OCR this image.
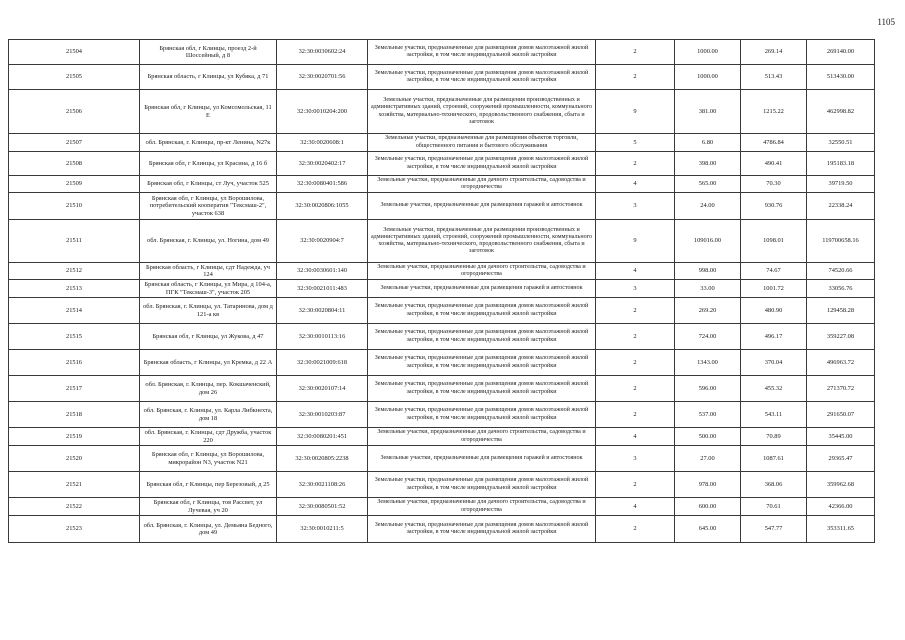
1105
21504	Брянская обл, г Клинцы, проезд 2-й Шоссейный, д 8	32:30:0030602:24	Земельные участки, предназначенные для размещения домов малоэтажной жилой застройки, в том числе индивидуальной жилой застройки	2	1000.00	269.14	269140.00
21505	Брянская область, г Клинцы, ул Кубяка, д 71	32:30:0020701:56	Земельные участки, предназначенные для размещения домов малоэтажной жилой застройки, в том числе индивидуальной жилой застройки	2	1000.00	513.43	513430.00
21506	Брянская обл, г Клинцы, ул Комсомольская, 11 Е	32:30:0010204:200	Земельные участки, предназначенные для размещения производственных и административных зданий, строений, сооружений промышленности, коммунального хозяйства, материально-технического, продовольственного снабжения, сбыта и заготовок	9	381.00	1215.22	462998.82
21507	обл. Брянская, г. Клинцы, пр-кт Ленина, N27к	32:30:0020608:1	Земельные участки, предназначенные для размещения объектов торговли, общественного питания и бытового обслуживания	5	6.80	4786.84	32550.51
21508	Брянская обл, г Клинцы, ул Красина, д 16 б	32:30:0020402:17	Земельные участки, предназначенные для размещения домов малоэтажной жилой застройки, в том числе индивидуальной жилой застройки	2	398.00	490.41	195183.18
21509	Брянская обл, г Клинцы, ст Луч, участок 525	32:30:0080401:586	Земельные участки, предназначенные для дачного строительства, садоводства и огородничества	4	565.00	70.30	39719.50
21510	Брянская обл, г Клинцы, ул Ворошилова, потребительский кооператив "Тексмаш-2", участок 638	32:30:0020806:1055	Земельные участки, предназначенные для размещения гаражей и автостоянок	3	24.00	930.76	22338.24
21511	обл. Брянская, г. Клинцы, ул. Ногина, дом 49	32:30:0020904:7	Земельные участки, предназначенные для размещения производственных и административных зданий, строений, сооружений промышленности, коммунального хозяйства, материально-технического, продовольственного снабжения, сбыта и заготовок	9	109016.00	1098.01	119700658.16
21512	Брянская область, г Клинцы, сдт Надежда, уч 124	32:30:0030601:140	Земельные участки, предназначенные для дачного строительства, садоводства и огородничества	4	998.00	74.67	74520.66
21513	Брянская область, г Клинцы, ул Мира, д 104-а, ПГК "Тексмаш-3", участок 205	32:30:0021011:483	Земельные участки, предназначенные для размещения гаражей и автостоянок	3	33.00	1001.72	33056.76
21514	обл. Брянская, г. Клинцы, ул. Татаринова, дом д 121-а кв	32:30:0020804:11	Земельные участки, предназначенные для размещения домов малоэтажной жилой застройки, в том числе индивидуальной жилой застройки	2	269.20	480.90	129458.28
21515	Брянская обл, г Клинцы, ул Жукова, д 47	32:30:0010113:16	Земельные участки, предназначенные для размещения домов малоэтажной жилой застройки, в том числе индивидуальной жилой застройки	2	724.00	496.17	359227.08
21516	Брянская область, г Клинцы, ул Кремка, д 22 А	32:30:0021009:618	Земельные участки, предназначенные для размещения домов малоэтажной жилой застройки, в том числе индивидуальной жилой застройки	2	1343.00	370.04	496963.72
21517	обл. Брянская, г. Клинцы, пер. Кокшаченский, дом 26	32:30:0020107:14	Земельные участки, предназначенные для размещения домов малоэтажной жилой застройки, в том числе индивидуальной жилой застройки	2	596.00	455.32	271370.72
21518	обл. Брянская, г. Клинцы, ул. Карла Либкнехта, дом 18	32:30:0010203:87	Земельные участки, предназначенные для размещения домов малоэтажной жилой застройки, в том числе индивидуальной жилой застройки	2	537.00	543.11	291650.07
21519	обл. Брянская, г. Клинцы, сдт Дружба, участок 220	32:30:0080201:451	Земельные участки, предназначенные для дачного строительства, садоводства и огородничества	4	500.00	70.89	35445.00
21520	Брянская обл, г Клинцы, ул Ворошилова, микрорайон N3, участок N21	32:30:0020805:2238	Земельные участки, предназначенные для размещения гаражей и автостоянок	3	27.00	1087.61	29365.47
21521	Брянская обл, г Клинцы, пер Березовый, д 25	32:30:0021108:26	Земельные участки, предназначенные для размещения домов малоэтажной жилой застройки, в том числе индивидуальной жилой застройки	2	978.00	368.06	359962.68
21522	Брянская обл, г Клинцы, тов Рассвет, ул Лучевая, уч 20	32:30:0080501:52	Земельные участки, предназначенные для дачного строительства, садоводства и огородничества	4	600.00	70.61	42366.00
21523	обл. Брянская, г. Клинцы, ул. Демьяна Бедного, дом 49	32:30:0010211:5	Земельные участки, предназначенные для размещения домов малоэтажной жилой застройки, в том числе индивидуальной жилой застройки	2	645.00	547.77	353311.65
